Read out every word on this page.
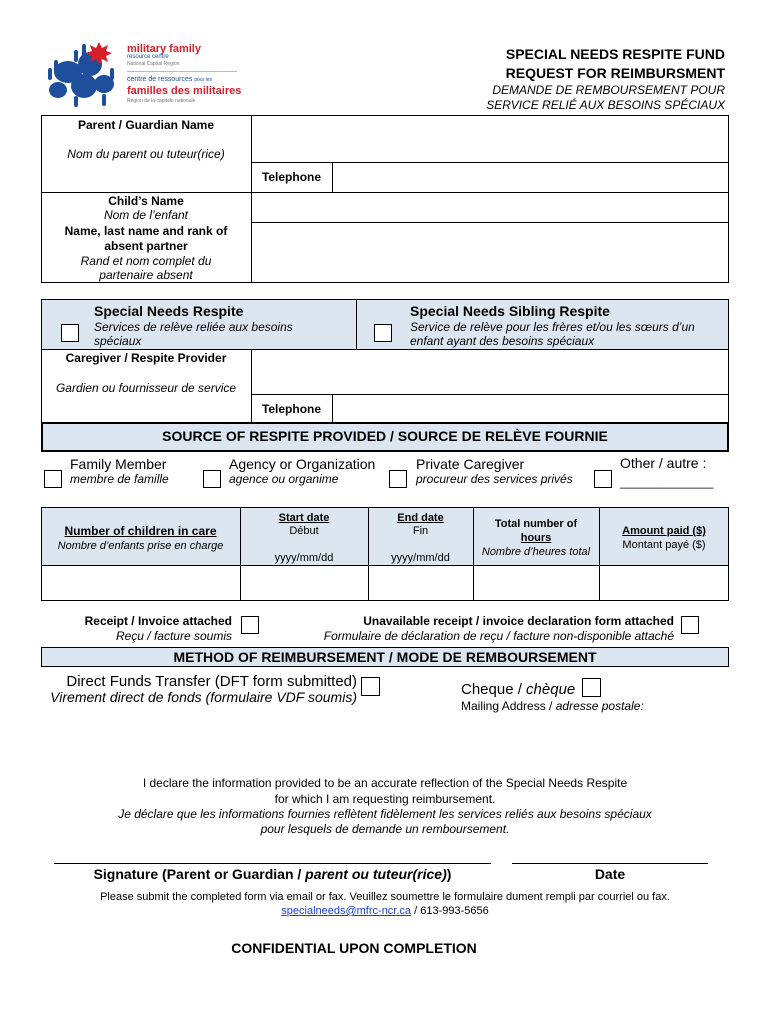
military family
resource centre
National Capital Region
centre de ressources pour les
familles des militaires
Région de la capitale nationale
SPECIAL NEEDS RESPITE FUND
REQUEST FOR REIMBURSMENT
DEMANDE DE REMBOURSEMENT POUR
SERVICE RELIÉ AUX BESOINS SPÉCIAUX
Parent / Guardian Name
Nom du parent ou tuteur(rice)
Telephone
Child’s Name
Nom de l’enfant
Name, last name and rank of
absent partner
Rand et nom complet du
partenaire absent
Special Needs Respite
Services de relève reliée aux besoins
spéciaux
Special Needs Sibling Respite
Service de relève pour les frères et/ou les sœurs d’un
enfant ayant des besoins spéciaux
Caregiver / Respite Provider
Gardien ou fournisseur de service
Telephone
SOURCE OF RESPITE PROVIDED / SOURCE DE RELÈVE FOURNIE
Family Member
membre de famille
Agency or Organization
agence ou organime
Private Caregiver
procureur des services privés
Other / autre :
______________
Number of children in care
Nombre d’enfants prise en charge
Start date
Début
yyyy/mm/dd
End date
Fin
yyyy/mm/dd
Total number of
hours
Nombre d’heures total
Amount paid ($)
Montant payé ($)
Receipt / Invoice attached
Reçu / facture soumis
Unavailable receipt / invoice declaration form attached
Formulaire de déclaration de reçu / facture non-disponible attaché
METHOD OF REIMBURSEMENT / MODE DE REMBOURSEMENT
Direct Funds Transfer (DFT form submitted)
Virement direct de fonds (formulaire VDF soumis)	Cheque / chèque
Mailing Address / adresse postale:
I declare the information provided to be an accurate reflection of the Special Needs Respite
for which I am requesting reimbursement.
Je déclare que les informations fournies reflètent fidèlement les services reliés aux besoins spéciaux
pour lesquels de demande un remboursement.
Signature (Parent or Guardian / parent ou tuteur(rice))	Date
Please submit the completed form via email or fax. Veuillez soumettre le formulaire dument rempli par courriel ou fax.
specialneeds@mfrc-ncr.ca / 613-993-5656
CONFIDENTIAL UPON COMPLETION
